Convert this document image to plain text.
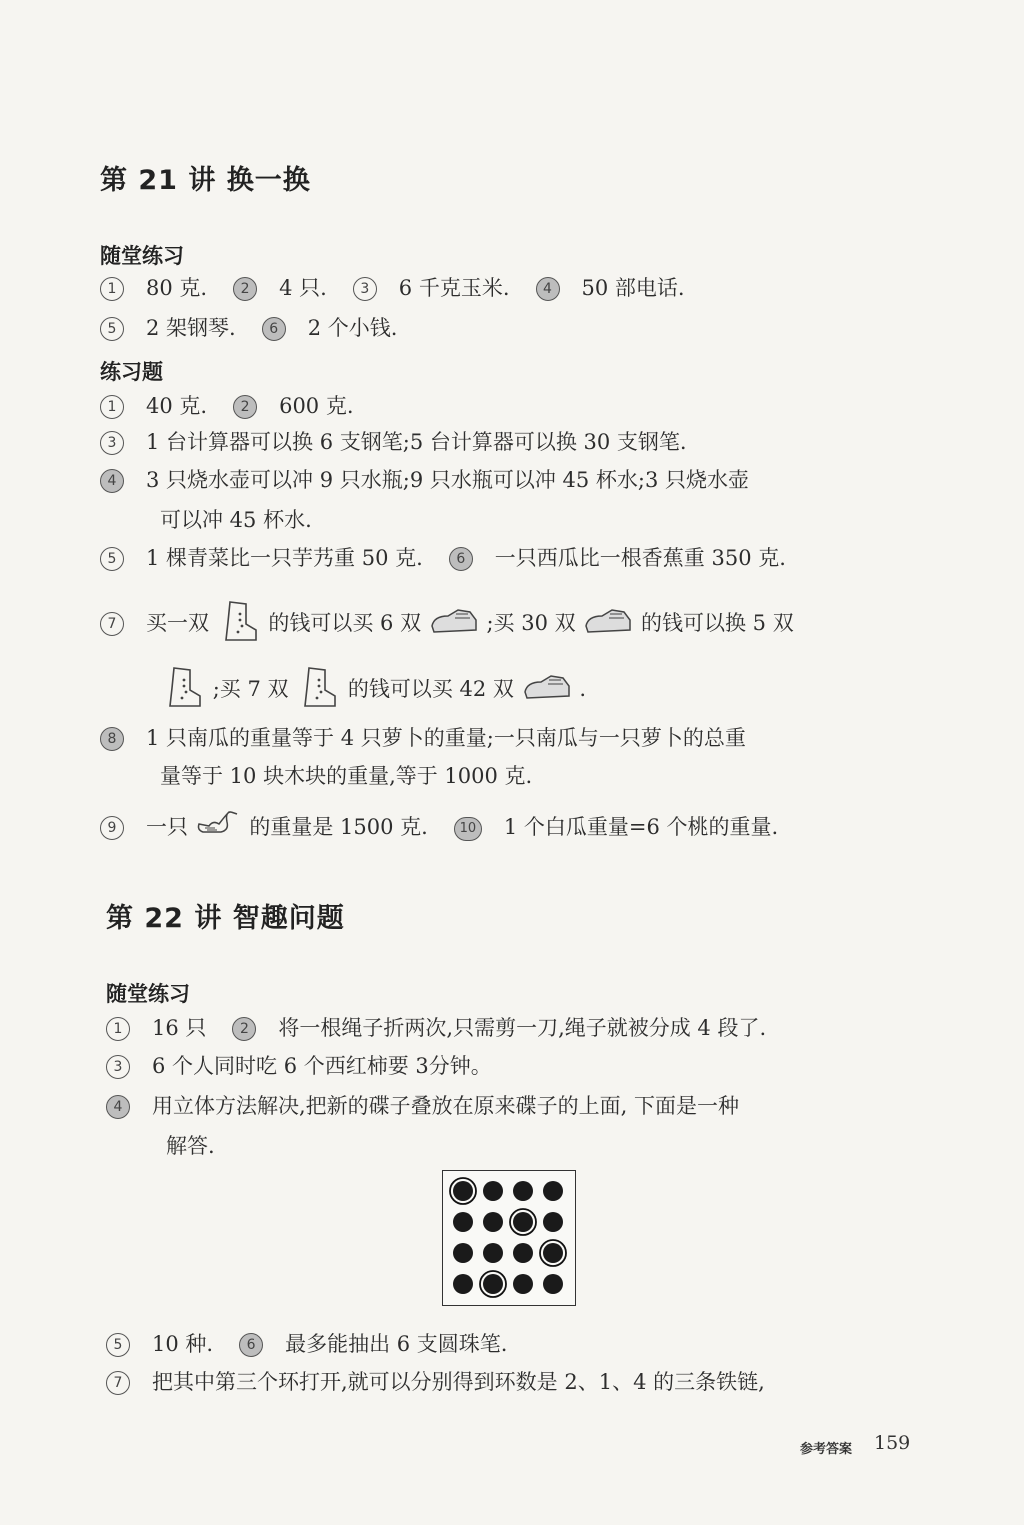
第 21 讲 换一换
随堂练习
1 80 克. 2 4 只. 3 6 千克玉米. 4 50 部电话.
5 2 架钢琴. 6 2 个小钱.
练习题
1 40 克. 2 600 克.
3 1 台计算器可以换 6 支钢笔;5 台计算器可以换 30 支钢笔.
4 3 只烧水壶可以冲 9 只水瓶;9 只水瓶可以冲 45 杯水;3 只烧水壶
可以冲 45 杯水.
5 1 棵青菜比一只芋艿重 50 克. 6 一只西瓜比一根香蕉重 350 克.
7 买一双	的钱可以买 6 双	;买 30 双	的钱可以换 5 双
;买 7 双	的钱可以买 42 双	.
8 1 只南瓜的重量等于 4 只萝卜的重量;一只南瓜与一只萝卜的总重
量等于 10 块木块的重量,等于 1000 克.
9 一只	的重量是 1500 克. 10 1 个白瓜重量=6 个桃的重量.
第 22 讲 智趣问题
随堂练习
1 16 只 2 将一根绳子折两次,只需剪一刀,绳子就被分成 4 段了.
3 6 个人同时吃 6 个西红柿要 3分钟。
4 用立体方法解决,把新的碟子叠放在原来碟子的上面, 下面是一种
解答.
5 10 种. 6 最多能抽出 6 支圆珠笔.
7 把其中第三个环打开,就可以分别得到环数是 2、1、4 的三条铁链,
参考答案 159
